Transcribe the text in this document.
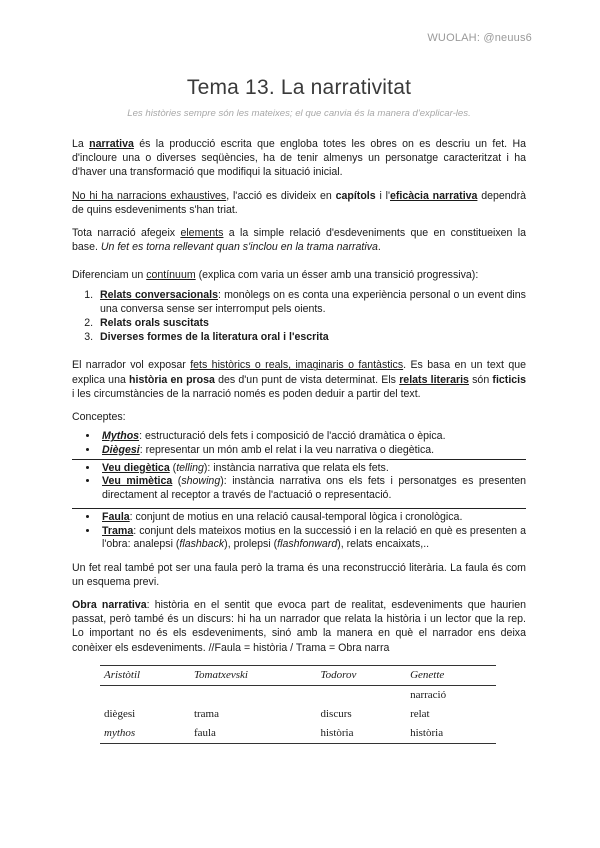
WUOLAH: @neuus6
Tema 13. La narrativitat
Les històries sempre són les mateixes; el que canvia és la manera d'explicar-les.

La narrativa és la producció escrita que engloba totes les obres on es descriu un fet. Ha d'incloure una o diverses seqüències, ha de tenir almenys un personatge caracteritzat i ha d'haver una transformació que modifiqui la situació inicial.

No hi ha narracions exhaustives, l'acció es divideix en capítols i l'eficàcia narrativa dependrà de quins esdeveniments s'han triat.

Tota narració afegeix elements a la simple relació d'esdeveniments que en constitueixen la base. Un fet es torna rellevant quan s'inclou en la trama narrativa.

Diferenciam un contínuum (explica com varia un ésser amb una transició progressiva):

1. Relats conversacionals: monòlegs on es conta una experiència personal o un event dins una conversa sense ser interromput pels oients.
2. Relats orals suscitats
3. Diverses formes de la literatura oral i l'escrita

El narrador vol exposar fets històrics o reals, imaginaris o fantàstics. Es basa en un text que explica una història en prosa des d'un punt de vista determinat. Els relats literaris són ficticis i les circumstàncies de la narració només es poden deduir a partir del text.

Conceptes:

• Mythos: estructuració dels fets i composició de l'acció dramàtica o èpica.
• Diègesi: representar un món amb el relat i la veu narrativa o diegètica.
• Veu diegètica (telling): instància narrativa que relata els fets.
• Veu mimètica (showing): instància narrativa ons els fets i personatges es presenten directament al receptor a través de l'actuació o representació.
• Faula: conjunt de motius en una relació causal-temporal lògica i cronològica.
• Trama: conjunt dels mateixos motius en la successió i en la relació en què es presenten a l'obra: analepsi (flashback), prolepsi (flashfonward), relats encaixats,..

Un fet real també pot ser una faula però la trama és una reconstrucció literària. La faula és com un esquema previ.

Obra narrativa: història en el sentit que evoca part de realitat, esdeveniments que haurien passat, però també és un discurs: hi ha un narrador que relata la història i un lector que la rep. Lo important no és els esdeveniments, sinó amb la manera en què el narrador ens deixa conèixer els esdeveniments. //Faula = història / Trama = Obra narra

Aristòtil	Tomatxevski	Todorov	Genette
			narració
diègesi	trama	discurs	relat
mythos	faula	història	història
